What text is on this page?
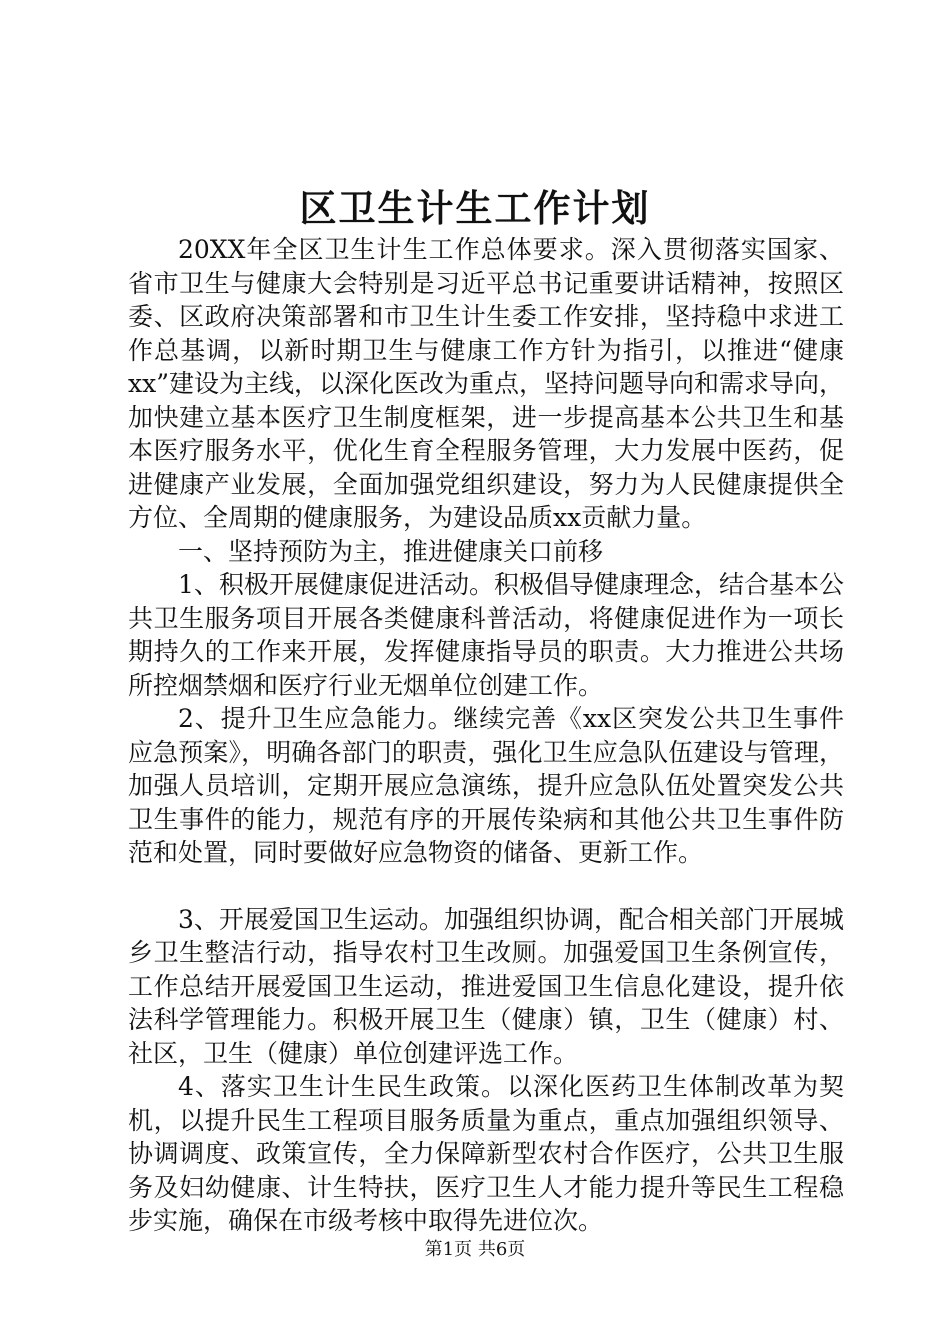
区卫生计生工作计划

20XX年全区卫生计生工作总体要求。深入贯彻落实国家、省市卫生与健康大会特别是习近平总书记重要讲话精神，按照区委、区政府决策部署和市卫生计生委工作安排，坚持稳中求进工作总基调，以新时期卫生与健康工作方针为指引，以推进“健康xx”建设为主线，以深化医改为重点，坚持问题导向和需求导向，加快建立基本医疗卫生制度框架，进一步提高基本公共卫生和基本医疗服务水平，优化生育全程服务管理，大力发展中医药，促进健康产业发展，全面加强党组织建设，努力为人民健康提供全方位、全周期的健康服务，为建设品质xx贡献力量。

一、坚持预防为主，推进健康关口前移

1、积极开展健康促进活动。积极倡导健康理念，结合基本公共卫生服务项目开展各类健康科普活动，将健康促进作为一项长期持久的工作来开展，发挥健康指导员的职责。大力推进公共场所控烟禁烟和医疗行业无烟单位创建工作。

2、提升卫生应急能力。继续完善《xx区突发公共卫生事件应急预案》，明确各部门的职责，强化卫生应急队伍建设与管理，加强人员培训，定期开展应急演练，提升应急队伍处置突发公共卫生事件的能力，规范有序的开展传染病和其他公共卫生事件防范和处置，同时要做好应急物资的储备、更新工作。

3、开展爱国卫生运动。加强组织协调，配合相关部门开展城乡卫生整洁行动，指导农村卫生改厕。加强爱国卫生条例宣传，工作总结开展爱国卫生运动，推进爱国卫生信息化建设，提升依法科学管理能力。积极开展卫生（健康）镇，卫生（健康）村、社区，卫生（健康）单位创建评选工作。

4、落实卫生计生民生政策。以深化医药卫生体制改革为契机，以提升民生工程项目服务质量为重点，重点加强组织领导、协调调度、政策宣传，全力保障新型农村合作医疗，公共卫生服务及妇幼健康、计生特扶，医疗卫生人才能力提升等民生工程稳步实施，确保在市级考核中取得先进位次。

第1页 共6页
